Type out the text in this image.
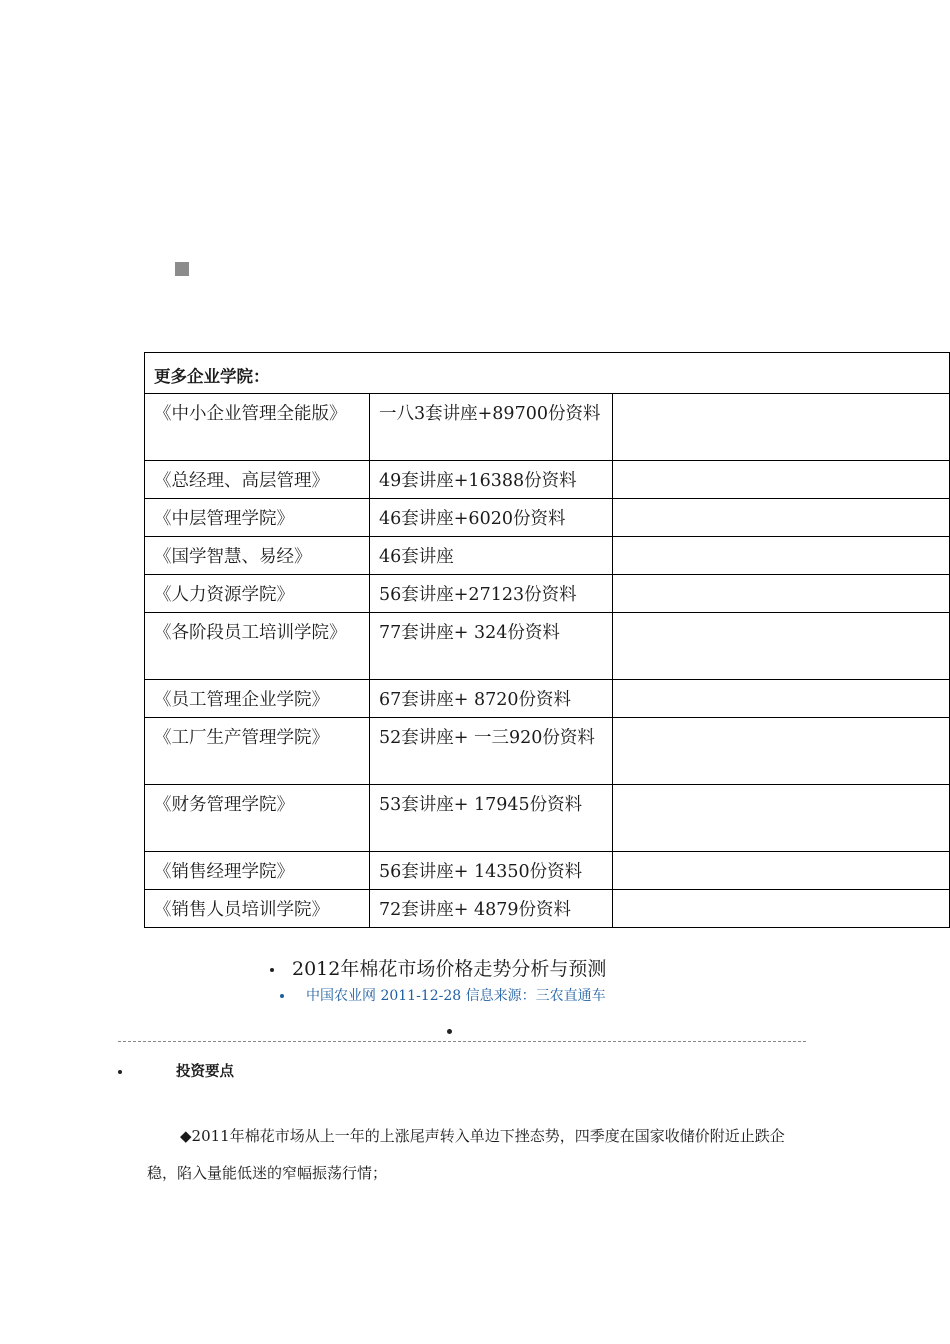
更多企业学院：		
《中小企业管理全能版》	一八3套讲座+89700份资料	
《总经理、高层管理》	49套讲座+16388份资料	
《中层管理学院》	46套讲座+6020份资料	
《国学智慧、易经》	46套讲座	
《人力资源学院》	56套讲座+27123份资料	
《各阶段员工培训学院》	77套讲座+ 324份资料	
《员工管理企业学院》	67套讲座+ 8720份资料	
《工厂生产管理学院》	52套讲座+ 一三920份资料	
《财务管理学院》	53套讲座+ 17945份资料	
《销售经理学院》	56套讲座+ 14350份资料	
《销售人员培训学院》	72套讲座+ 4879份资料	
2012年棉花市场价格走势分析与预测
中国农业网 2011-12-28 信息来源：三农直通车
投资要点

◆2011年棉花市场从上一年的上涨尾声转入单边下挫态势，四季度在国家收储价附近止跌企稳，陷入量能低迷的窄幅振荡行情；
